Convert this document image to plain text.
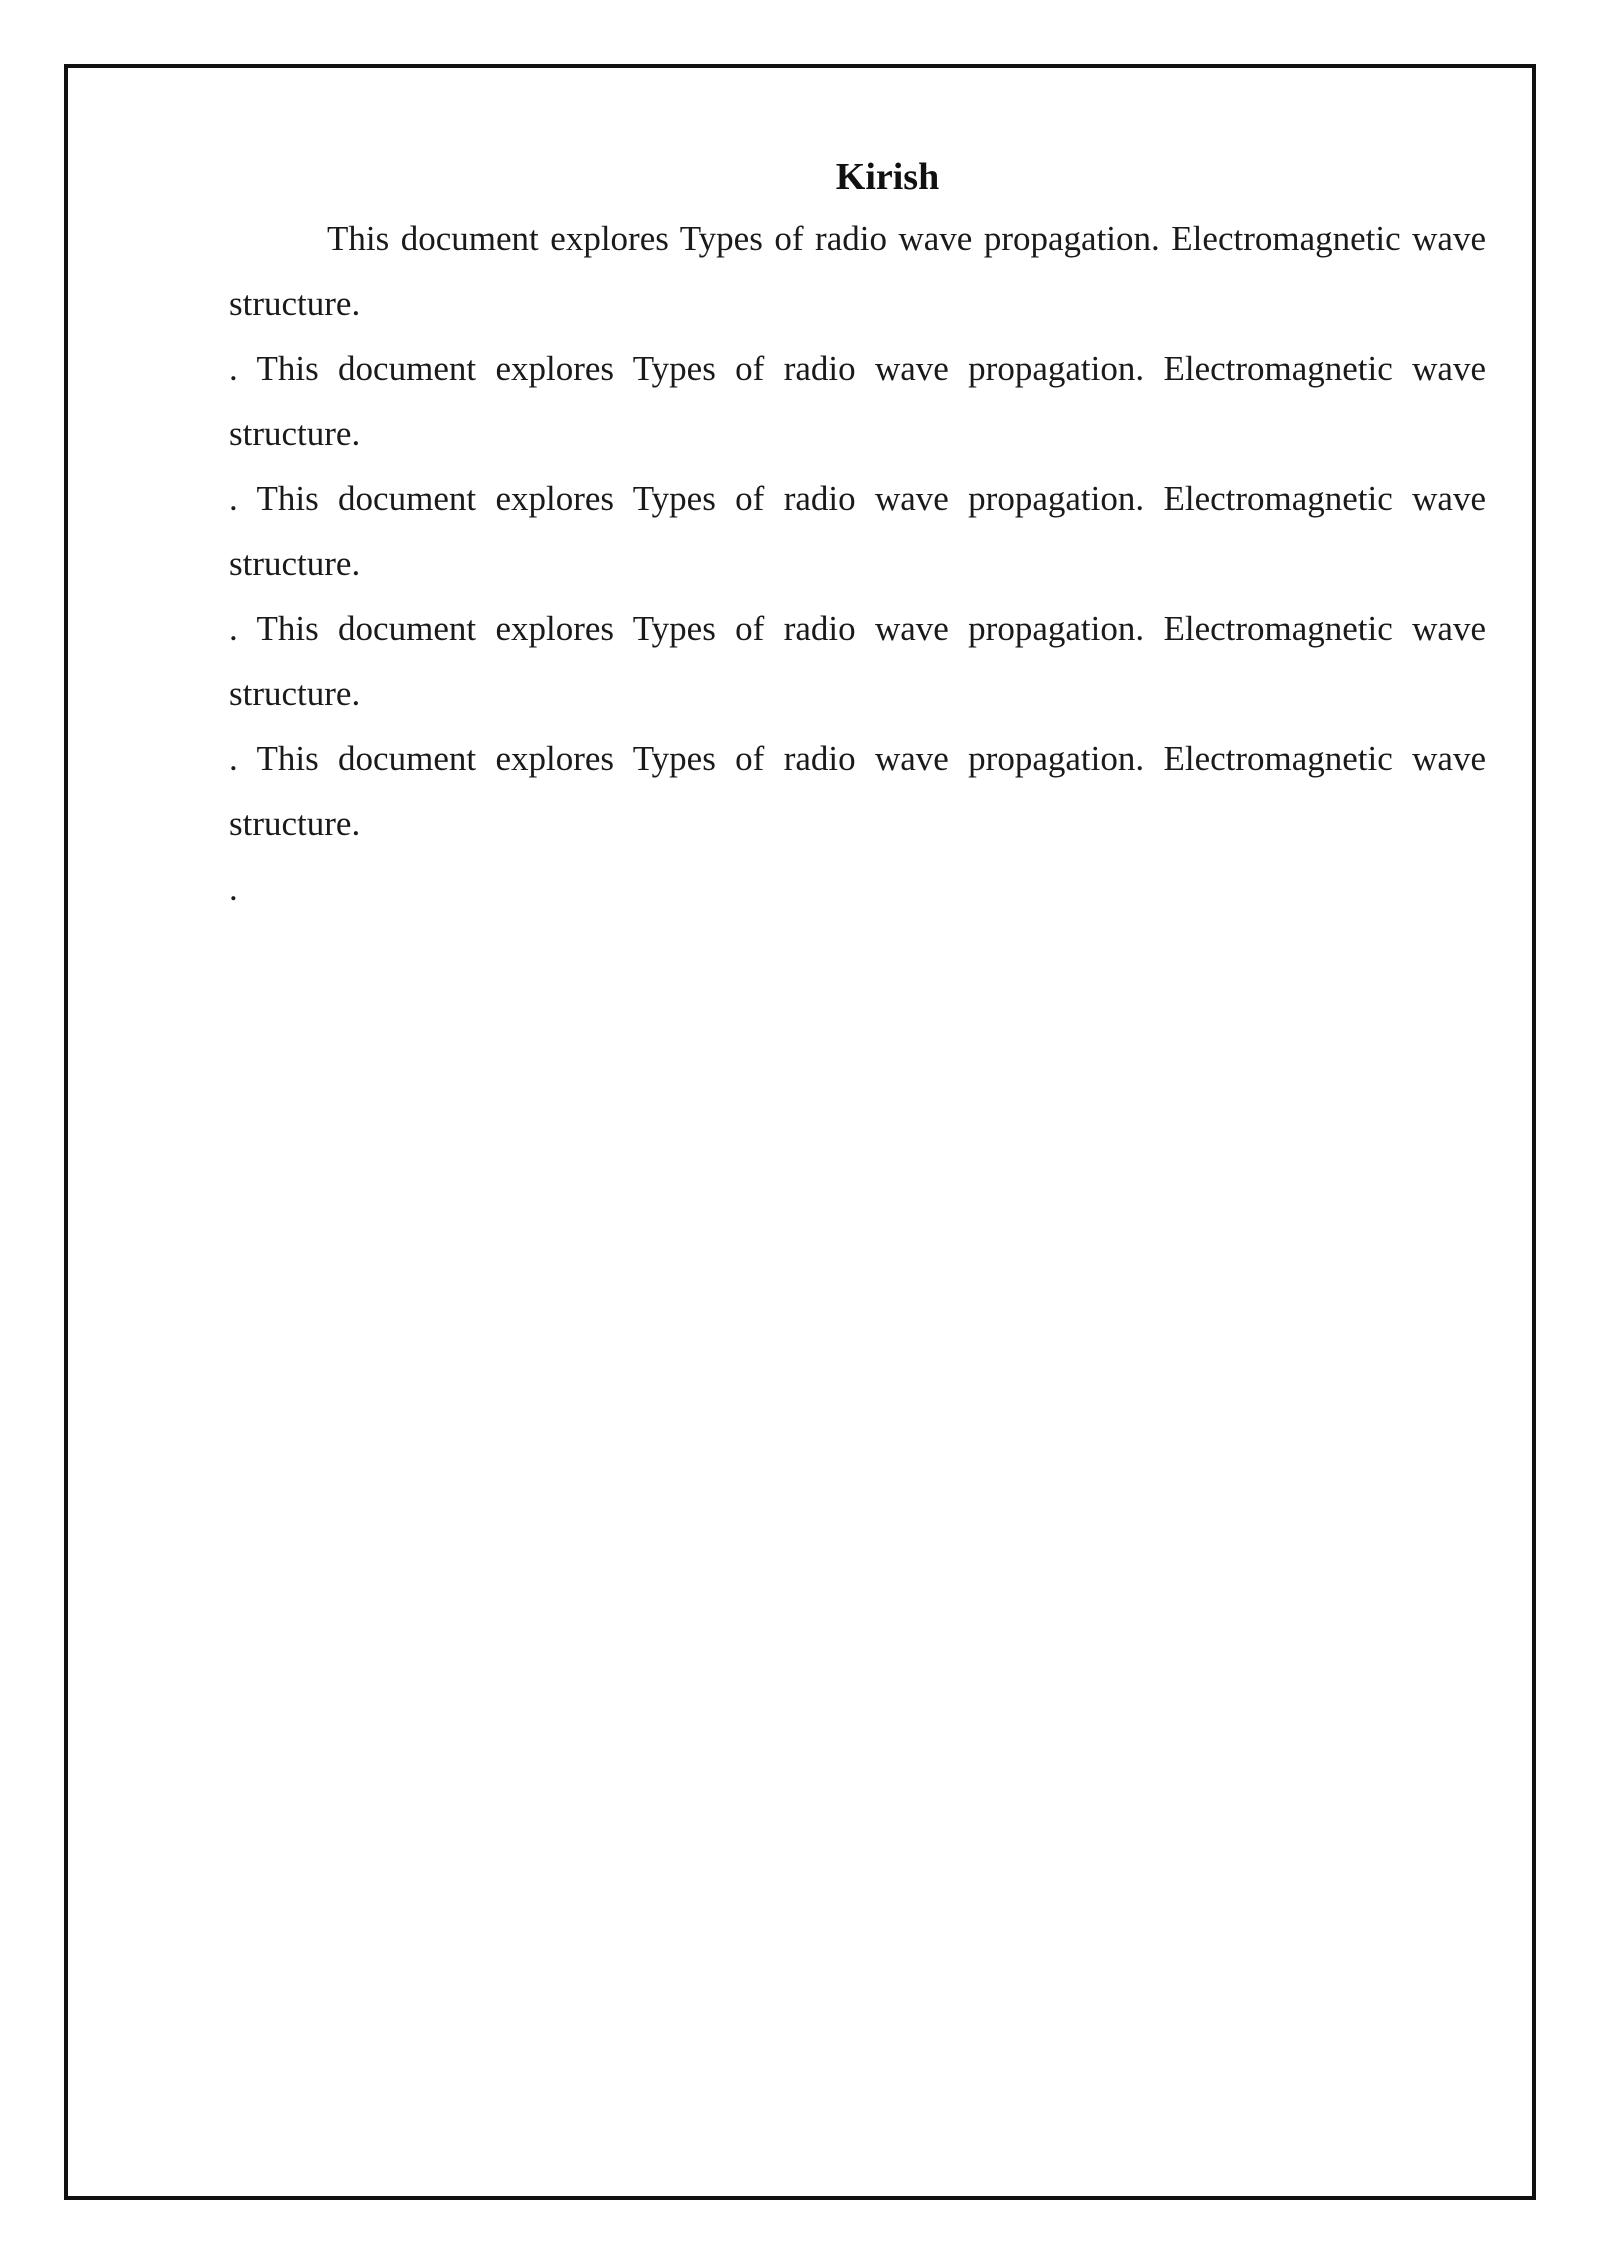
Kirish

This document explores Types of radio wave propagation. Electromagnetic wave structure.

. This document explores Types of radio wave propagation. Electromagnetic wave structure.

. This document explores Types of radio wave propagation. Electromagnetic wave structure.

. This document explores Types of radio wave propagation. Electromagnetic wave structure.

. This document explores Types of radio wave propagation. Electromagnetic wave structure.

.
